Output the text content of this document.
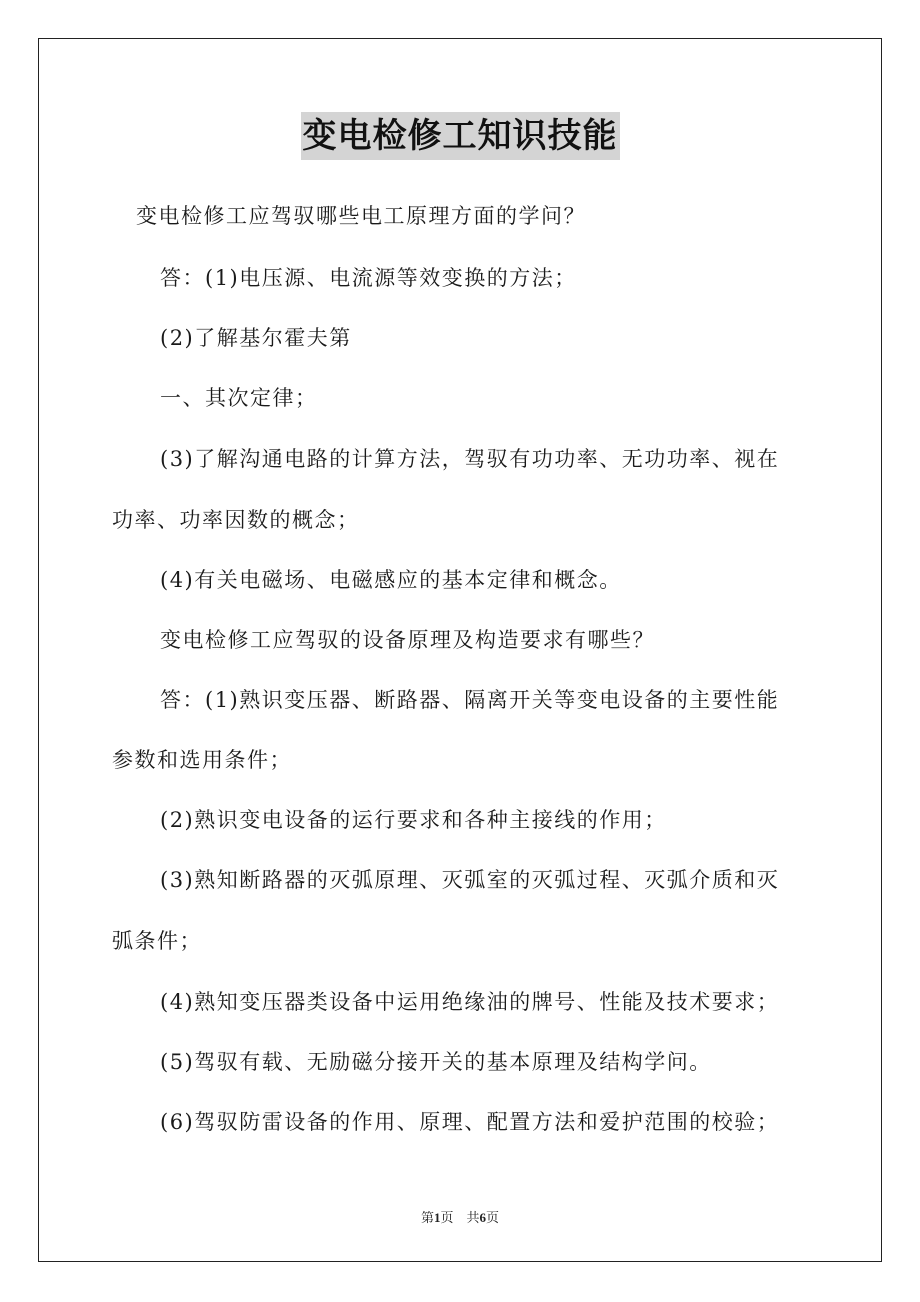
变电检修工知识技能
变电检修工应驾驭哪些电工原理方面的学问？
答：(1)电压源、电流源等效变换的方法；
(2)了解基尔霍夫第
一、其次定律；
(3)了解沟通电路的计算方法，驾驭有功功率、无功功率、视在
功率、功率因数的概念；
(4)有关电磁场、电磁感应的基本定律和概念。
变电检修工应驾驭的设备原理及构造要求有哪些？
答：(1)熟识变压器、断路器、隔离开关等变电设备的主要性能
参数和选用条件；
(2)熟识变电设备的运行要求和各种主接线的作用；
(3)熟知断路器的灭弧原理、灭弧室的灭弧过程、灭弧介质和灭
弧条件；
(4)熟知变压器类设备中运用绝缘油的牌号、性能及技术要求；
(5)驾驭有载、无励磁分接开关的基本原理及结构学问。
(6)驾驭防雷设备的作用、原理、配置方法和爱护范围的校验；
第1页 共6页
